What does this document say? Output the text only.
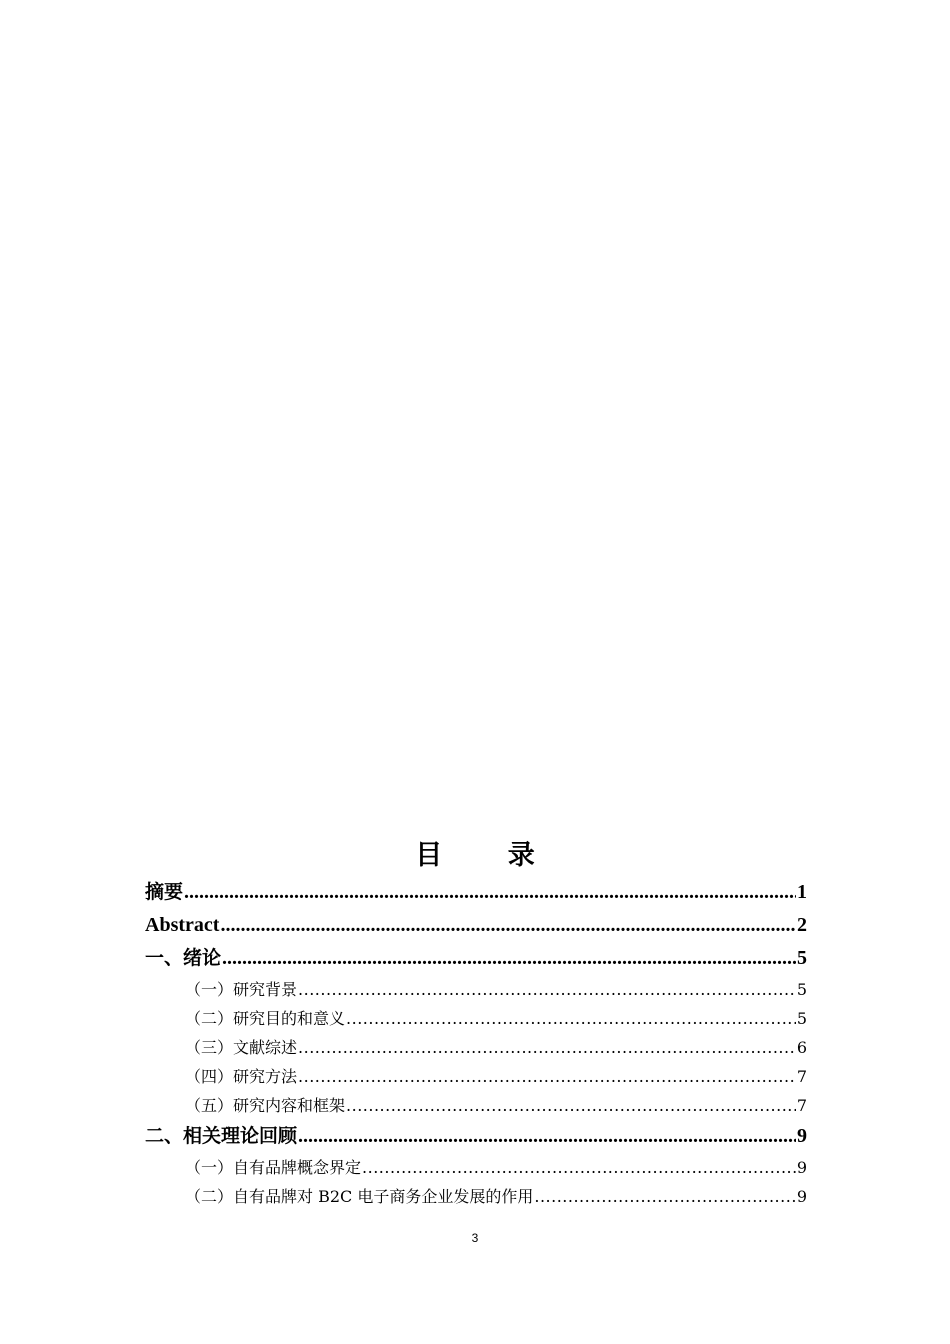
目 录
摘要 .....	1
Abstract .....	2
一、绪论 .....	5
（一）研究背景 .....	5
（二）研究目的和意义 .....	5
（三）文献综述 .....	6
（四）研究方法 .....	7
（五）研究内容和框架 .....	7
二、相关理论回顾 .....	9
（一）自有品牌概念界定 .....	9
（二）自有品牌对 B2C 电子商务企业发展的作用 .....	9
3
